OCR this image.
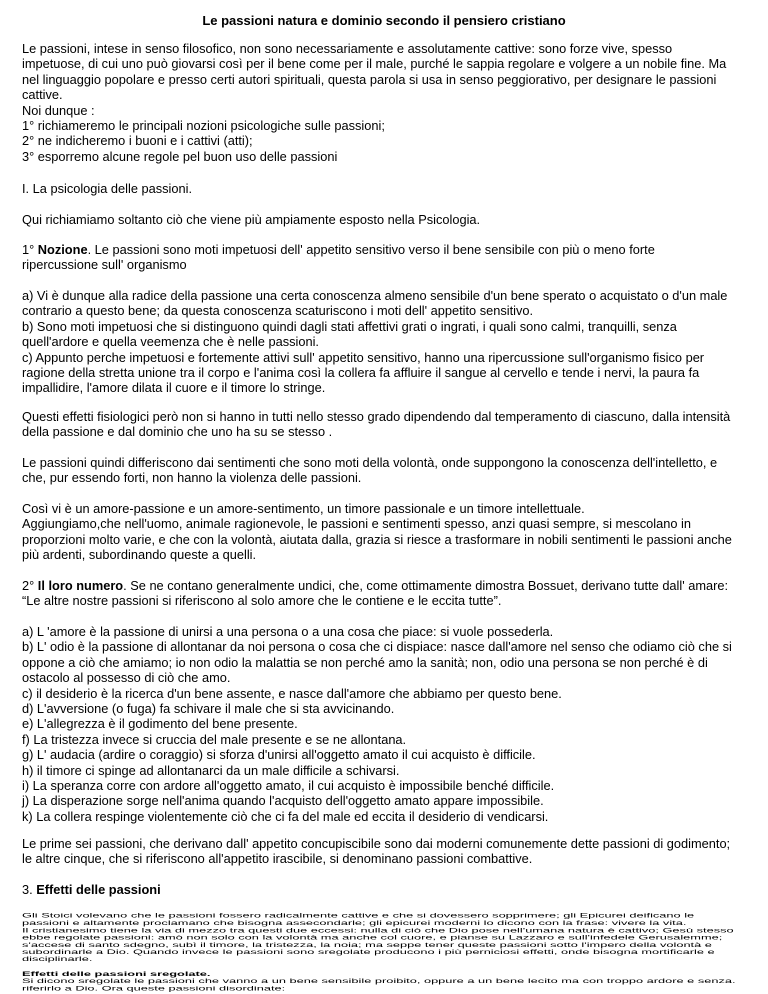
Le passioni natura e dominio secondo il pensiero cristiano
Le passioni, intese in senso filosofico, non sono necessariamente e assolutamente cattive: sono forze vive, spesso
impetuose, di cui uno può giovarsi così per il bene come per il male, purché le sappia regolare e volgere a un nobile fine. Ma
nel linguaggio popolare e presso certi autori spirituali, questa parola si usa in senso peggiorativo, per designare le passioni
cattive.
Noi dunque :
1° richiameremo le principali nozioni psicologiche sulle passioni;
2° ne indicheremo i buoni e i cattivi (atti);
3° esporremo alcune regole pel buon uso delle passioni
I. La psicologia delle passioni.
Qui richiamiamo soltanto ciò che viene più ampiamente esposto nella Psicologia.
1° Nozione. Le passioni sono moti impetuosi dell' appetito sensitivo verso il bene sensibile con più o meno forte
ripercussione sull' organismo
a) Vi è dunque alla radice della passione una certa conoscenza almeno sensibile d'un bene sperato o acquistato o d'un male
contrario a questo bene; da questa conoscenza scaturiscono i moti dell' appetito sensitivo.
b) Sono moti impetuosi che si distinguono quindi dagli stati affettivi grati o ingrati, i quali sono calmi, tranquilli, senza
quell'ardore e quella veemenza che è nelle passioni.
c) Appunto perche impetuosi e fortemente attivi sull' appetito sensitivo, hanno una ripercussione sull'organismo fisico per
ragione della stretta unione tra il corpo e l'anima così la collera fa affluire il sangue al cervello e tende i nervi, la paura fa
impallidire, l'amore dilata il cuore e il timore lo stringe.
Questi effetti fisiologici però non si hanno in tutti nello stesso grado dipendendo dal temperamento di ciascuno, dalla intensità
della passione e dal dominio che uno ha su se stesso .
Le passioni quindi differiscono dai sentimenti che sono moti della volontà, onde suppongono la conoscenza dell'intelletto, e
che, pur essendo forti, non hanno la violenza delle passioni.
Così vi è un amore-passione e un amore-sentimento, un timore passionale e un timore intellettuale.
Aggiungiamo,che nell'uomo, animale ragionevole, le passioni e sentimenti spesso, anzi quasi sempre, si mescolano in
proporzioni molto varie, e che con la volontà, aiutata dalla, grazia si riesce a trasformare in nobili sentimenti le passioni anche
più ardenti, subordinando queste a quelli.
2° Il loro numero. Se ne contano generalmente undici, che, come ottimamente dimostra Bossuet, derivano tutte dall' amare:
“Le altre nostre passioni si riferiscono al solo amore che le contiene e le eccita tutte”.
a) L 'amore è la passione di unirsi a una persona o a una cosa che piace: si vuole possederla.
b) L' odio è la passione di allontanar da noi persona o cosa che ci dispiace: nasce dall'amore nel senso che odiamo ciò che si
oppone a ciò che amiamo; io non odio la malattia se non perché amo la sanità; non, odio una persona se non perché è di
ostacolo al possesso di ciò che amo.
c) il desiderio è la ricerca d'un bene assente, e nasce dall'amore che abbiamo per questo bene.
d) L'avversione (o fuga) fa schivare il male che si sta avvicinando.
e) L'allegrezza è il godimento del bene presente.
f) La tristezza invece si cruccia del male presente e se ne allontana.
g) L' audacia (ardire o coraggio) si sforza d'unirsi all'oggetto amato il cui acquisto è difficile.
h) il timore ci spinge ad allontanarci da un male difficile a schivarsi.
i) La speranza corre con ardore all'oggetto amato, il cui acquisto è impossibile benché difficile.
j) La disperazione sorge nell'anima quando l'acquisto dell'oggetto amato appare impossibile.
k) La collera respinge violentemente ciò che ci fa del male ed eccita il desiderio di vendicarsi.
Le prime sei passioni, che derivano dall' appetito concupiscibile sono dai moderni comunemente dette passioni di godimento;
le altre cinque, che si riferiscono all'appetito irascibile, si denominano passioni combattive.
3. Effetti delle passioni
Gli Stoici volevano che le passioni fossero radicalmente cattive e che si dovessero sopprimere; gli Epicurei deificano le
passioni e altamente proclamano che bisogna assecondarle; gli epicurei moderni lo dicono con la frase: vivere la vita.
Il cristianesimo tiene la via di mezzo tra questi due eccessi: nulla di ciò che Dio pose nell'umana natura è cattivo; Gesù stesso
ebbe regolate passioni: amò non solo con la volontà ma anche col cuore, e pianse su Lazzaro e sull'infedele Gerusalemme;
s'accese di santo sdegno, subì il timore, la tristezza, la noia; ma seppe tener queste passioni sotto l'impero della volontà e
subordinarle a Dio. Quando invece le passioni sono sregolate producono i più perniciosi effetti, onde bisogna mortificarle e
disciplinarle.
Effetti delle passioni sregolate.
Si dicono sregolate le passioni che vanno a un bene sensibile proibito, oppure a un bene lecito ma con troppo ardore e senza.
riferirlo a Dio. Ora queste passioni disordinate:
